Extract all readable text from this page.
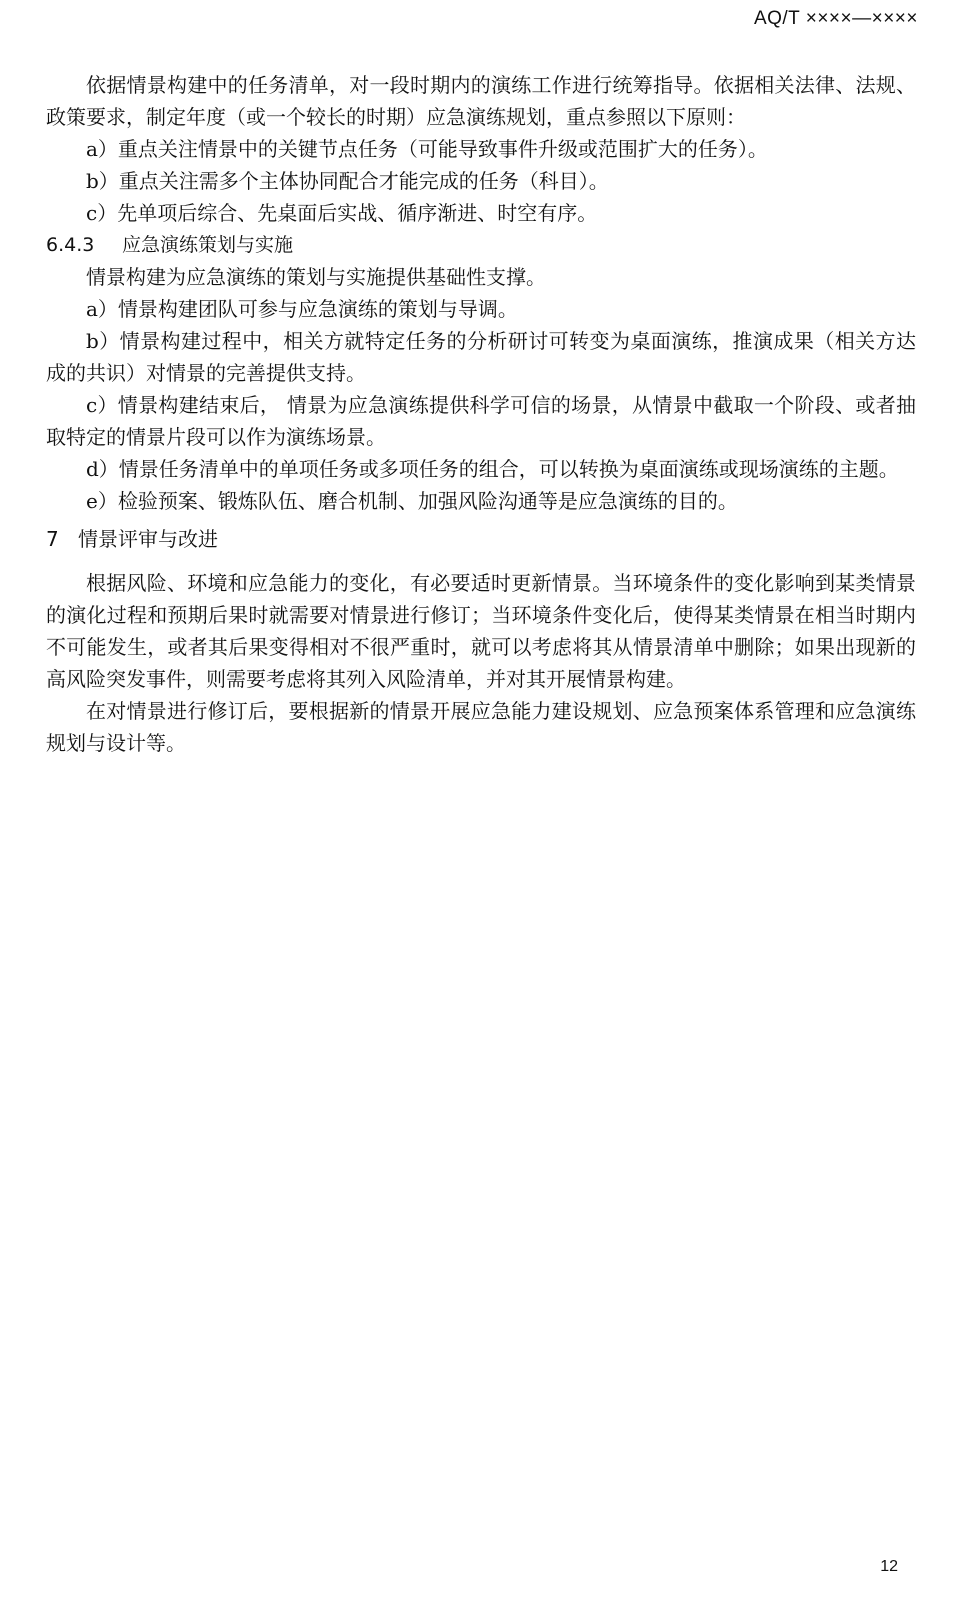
AQ/T ××××—××××

依据情景构建中的任务清单，对一段时期内的演练工作进行统筹指导。依据相关法律、法规、政策要求，制定年度（或一个较长的时期）应急演练规划，重点参照以下原则：

a）重点关注情景中的关键节点任务（可能导致事件升级或范围扩大的任务）。

b）重点关注需多个主体协同配合才能完成的任务（科目）。

c）先单项后综合、先桌面后实战、循序渐进、时空有序。

6.4.3 应急演练策划与实施

情景构建为应急演练的策划与实施提供基础性支撑。

a）情景构建团队可参与应急演练的策划与导调。

b）情景构建过程中，相关方就特定任务的分析研讨可转变为桌面演练，推演成果（相关方达成的共识）对情景的完善提供支持。

c）情景构建结束后， 情景为应急演练提供科学可信的场景，从情景中截取一个阶段、或者抽取特定的情景片段可以作为演练场景。

d）情景任务清单中的单项任务或多项任务的组合，可以转换为桌面演练或现场演练的主题。

e）检验预案、锻炼队伍、磨合机制、加强风险沟通等是应急演练的目的。

7 情景评审与改进

根据风险、环境和应急能力的变化，有必要适时更新情景。当环境条件的变化影响到某类情景的演化过程和预期后果时就需要对情景进行修订；当环境条件变化后，使得某类情景在相当时期内不可能发生，或者其后果变得相对不很严重时，就可以考虑将其从情景清单中删除；如果出现新的高风险突发事件，则需要考虑将其列入风险清单，并对其开展情景构建。

在对情景进行修订后，要根据新的情景开展应急能力建设规划、应急预案体系管理和应急演练规划与设计等。

12
